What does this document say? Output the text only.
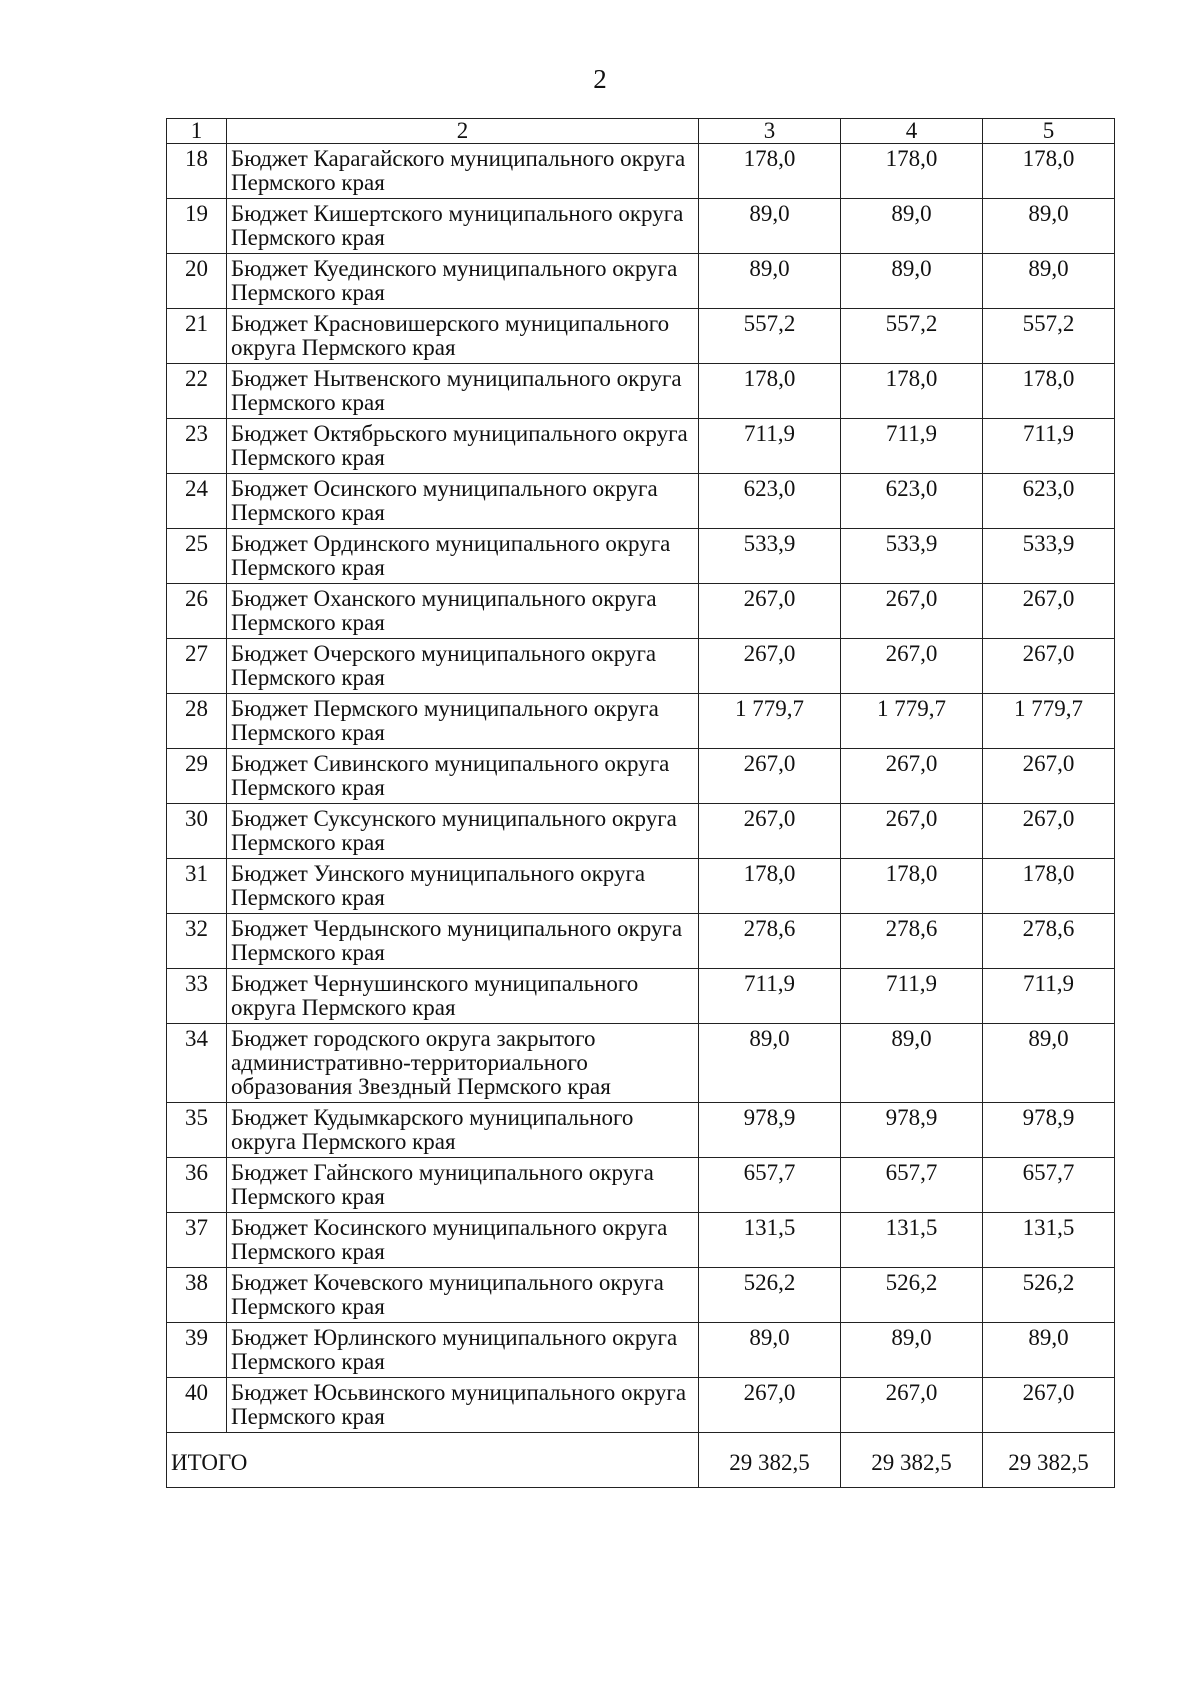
2
1	2	3	4	5
18	Бюджет Карагайского муниципального округа Пермского края	178,0	178,0	178,0
19	Бюджет Кишертского муниципального округа Пермского края	89,0	89,0	89,0
20	Бюджет Куединского муниципального округа Пермского края	89,0	89,0	89,0
21	Бюджет Красновишерского муниципального округа Пермского края	557,2	557,2	557,2
22	Бюджет Нытвенского муниципального округа Пермского края	178,0	178,0	178,0
23	Бюджет Октябрьского муниципального округа Пермского края	711,9	711,9	711,9
24	Бюджет Осинского муниципального округа Пермского края	623,0	623,0	623,0
25	Бюджет Ординского муниципального округа Пермского края	533,9	533,9	533,9
26	Бюджет Оханского муниципального округа Пермского края	267,0	267,0	267,0
27	Бюджет Очерского муниципального округа Пермского края	267,0	267,0	267,0
28	Бюджет Пермского муниципального округа Пермского края	1 779,7	1 779,7	1 779,7
29	Бюджет Сивинского муниципального округа Пермского края	267,0	267,0	267,0
30	Бюджет Суксунского муниципального округа Пермского края	267,0	267,0	267,0
31	Бюджет Уинского муниципального округа Пермского края	178,0	178,0	178,0
32	Бюджет Чердынского муниципального округа Пермского края	278,6	278,6	278,6
33	Бюджет Чернушинского муниципального округа Пермского края	711,9	711,9	711,9
34	Бюджет городского округа закрытого административно-территориального образования Звездный Пермского края	89,0	89,0	89,0
35	Бюджет Кудымкарского муниципального округа Пермского края	978,9	978,9	978,9
36	Бюджет Гайнского муниципального округа Пермского края	657,7	657,7	657,7
37	Бюджет Косинского муниципального округа Пермского края	131,5	131,5	131,5
38	Бюджет Кочевского муниципального округа Пермского края	526,2	526,2	526,2
39	Бюджет Юрлинского муниципального округа Пермского края	89,0	89,0	89,0
40	Бюджет Юсьвинского муниципального округа Пермского края	267,0	267,0	267,0
ИТОГО		29 382,5	29 382,5	29 382,5
